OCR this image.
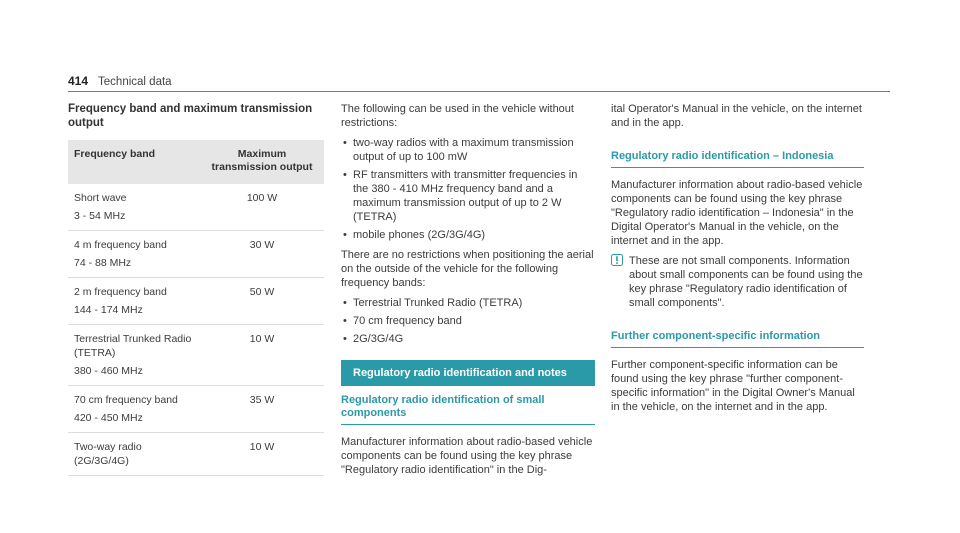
414 Technical data
Frequency band and maximum transmission output
Frequency band	Maximum transmission output
Short wave
3 - 54 MHz	100 W
4 m frequency band
74 - 88 MHz	30 W
2 m frequency band
144 - 174 MHz	50 W
Terrestrial Trunked Radio (TETRA)
380 - 460 MHz	10 W
70 cm frequency band
420 - 450 MHz	35 W
Two-way radio (2G/3G/4G)	10 W

The following can be used in the vehicle without restrictions:

• two-way radios with a maximum transmission output of up to 100 mW
• RF transmitters with transmitter frequencies in the 380 - 410 MHz frequency band and a maximum transmission output of up to 2 W (TETRA)
• mobile phones (2G/3G/4G)

There are no restrictions when positioning the aerial on the outside of the vehicle for the following frequency bands:

• Terrestrial Trunked Radio (TETRA)
• 70 cm frequency band
• 2G/3G/4G
Regulatory radio identification and notes
Regulatory radio identification of small components

Manufacturer information about radio-based vehicle components can be found using the key phrase "Regulatory radio identification" in the Dig-

ital Operator's Manual in the vehicle, on the internet and in the app.

Regulatory radio identification – Indonesia

Manufacturer information about radio-based vehicle components can be found using the key phrase "Regulatory radio identification – Indonesia" in the Digital Operator's Manual in the vehicle, on the internet and in the app.

These are not small components. Information about small components can be found using the key phrase "Regulatory radio identification of small components".
Further component-specific information

Further component-specific information can be found using the key phrase "further component-specific information" in the Digital Owner's Manual in the vehicle, on the internet and in the app.
